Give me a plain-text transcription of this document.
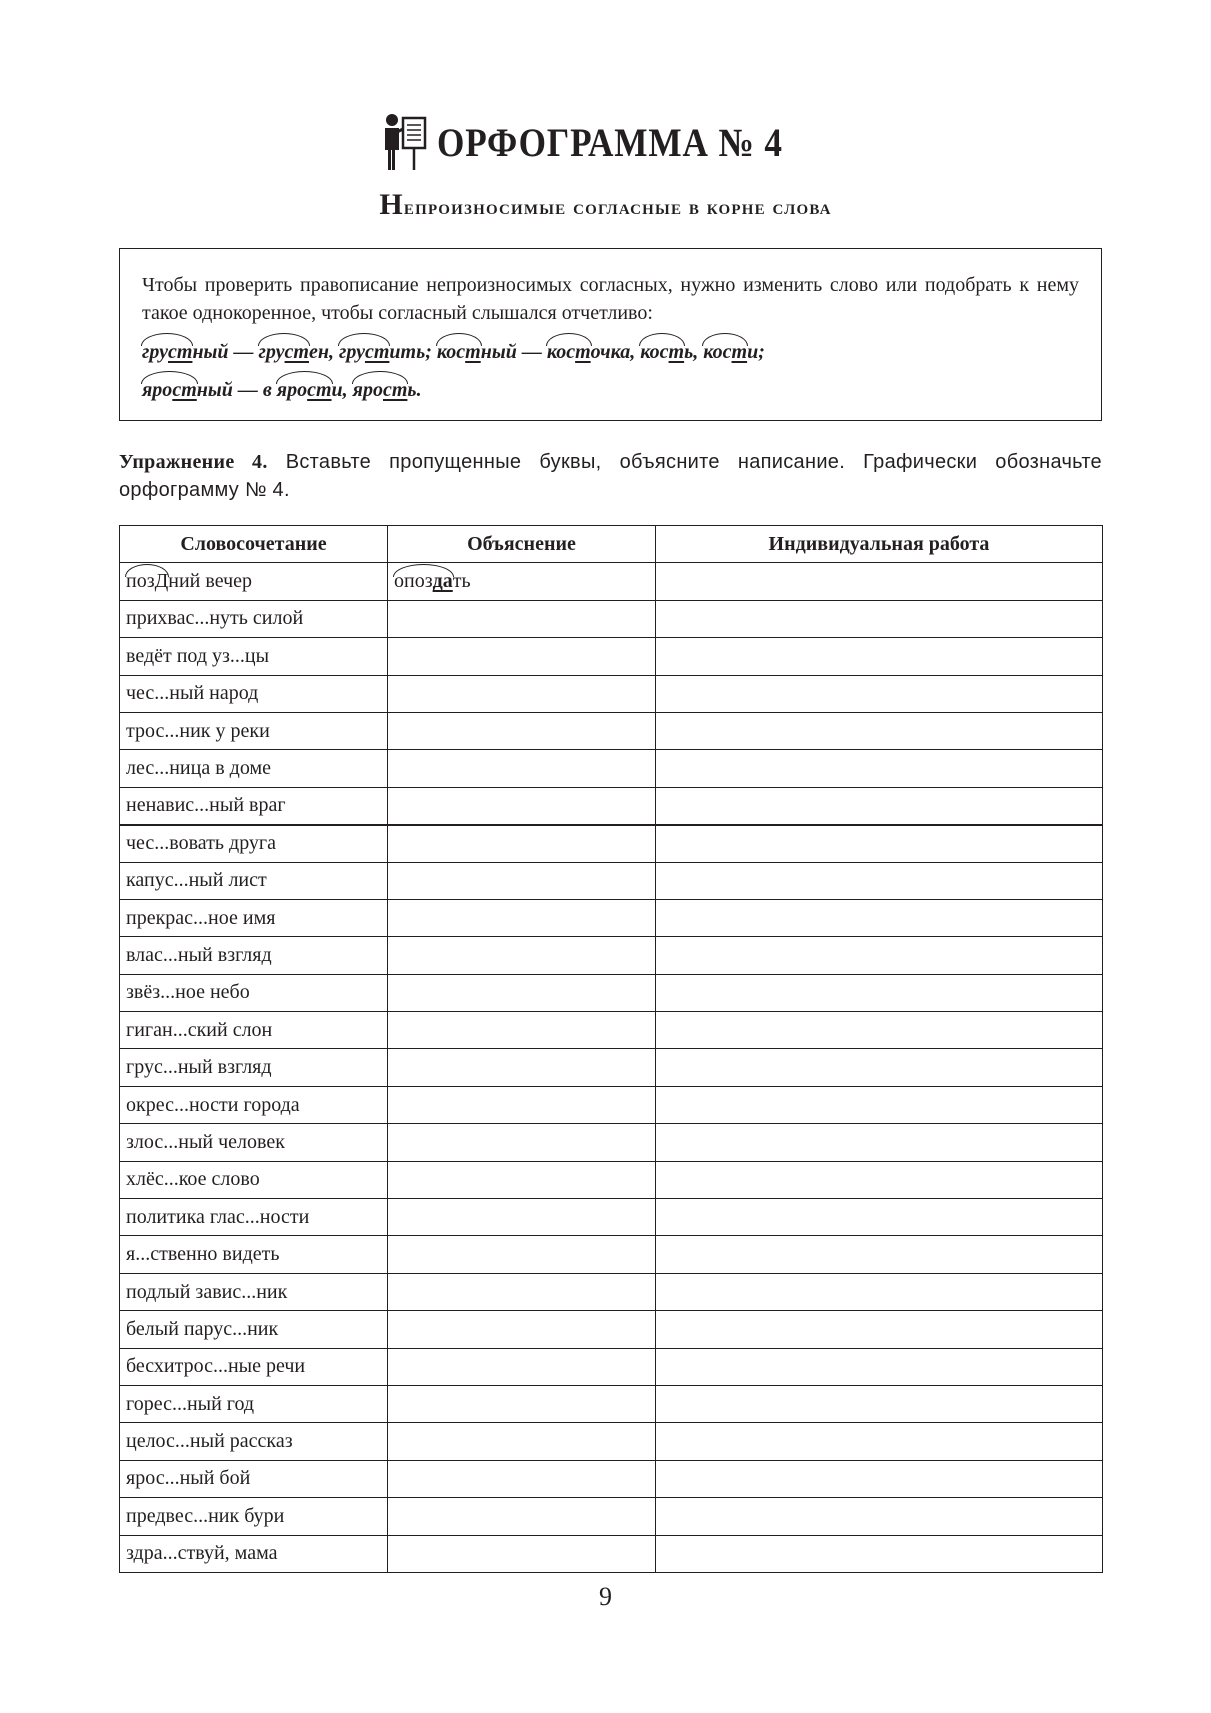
ОРФОГРАММА № 4
Непроизносимые согласные в корне слова

Чтобы проверить правописание непроизносимых согласных, нужно изменить слово или подобрать к нему такое однокоренное, чтобы согласный слышался отчетливо:

грустный — грустен, грустить; костный — косточка, кость, кости;
яростный — в ярости, ярость.
Упражнение 4. Вставьте пропущенные буквы, объясните написание. Графически обозначьте орфограмму № 4.
Словосочетание	Объяснение	Индивидуальная работа
позДний вечер	опоздать	
прихвас...нуть силой		
ведёт под уз...цы		
чес...ный народ		
трос...ник у реки		
лес...ница в доме		
ненавис...ный враг		
чес...вовать друга		
капус...ный лист		
прекрас...ное имя		
влас...ный взгляд		
звёз...ное небо		
гиган...ский слон		
грус...ный взгляд		
окрес...ности города		
злос...ный человек		
хлёс...кое слово		
политика глас...ности		
я...ственно видеть		
подлый завис...ник		
белый парус...ник		
бесхитрос...ные речи		
горес...ный год		
целос...ный рассказ		
ярос...ный бой		
предвес...ник бури		
здра...ствуй, мама		
9
